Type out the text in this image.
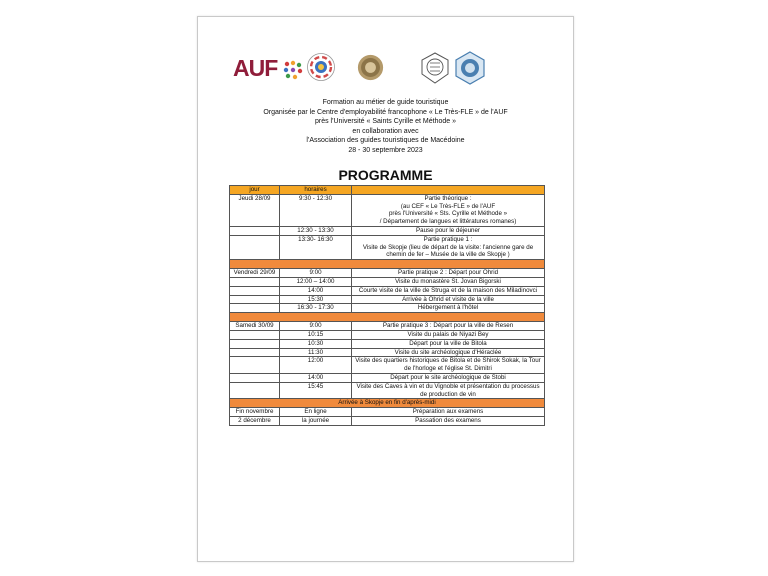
AUF
Formation au métier de guide touristique
Organisée par le Centre d'employabilité francophone « Le Très-FLE » de l'AUF
près l'Université « Saints Cyrille et Méthode »
en collaboration avec
l'Association des guides touristiques de Macédoine
28 - 30 septembre 2023
PROGRAMME
jour	horaires	
Jeudi 28/09	9:30 - 12:30	Partie théorique :
(au CEF « Le Très-FLE » de l'AUF
près l'Université « Sts. Cyrille et Méthode »
/ Département de langues et littératures romanes)
	12:30 - 13:30	Pause pour le déjeuner
	13:30- 16:30	Partie pratique 1 :
Visite de Skopje (lieu de départ de la visite: l'ancienne gare de chemin de fer – Musée de la ville de Skopje )

Vendredi 29/09	9:00	Partie pratique 2 : Départ pour Ohrid
	12:00 – 14:00	Visite du monastère St. Jovan Bigorski
	14:00	Courte visite de la ville de Struga et de la maison des Miladinovci
	15:30	Arrivée à Ohrid et visite de la ville
	16:30 - 17:30	Hébergement à l'hôtel

Samedi 30/09	9:00	Partie pratique 3 : Départ pour la ville de Resen
	10:15	Visite du palais de Niyazi Bey
	10:30	Départ pour la ville de Bitola
	11:30	Visite du site archéologique d'Héraclée
	12:00	Visite des quartiers historiques de Bitola et de Shirok Sokak, la Tour de l'horloge et l'église St. Dimitri
	14:00	Départ pour le site archéologique de Stobi
	15:45	Visite des Caves à vin et du Vignoble et présentation du processus de production de vin
Arrivée à Skopje en fin d'après-midi		
Fin novembre	En ligne	Préparation aux examens
2 décembre	la journée	Passation des examens
